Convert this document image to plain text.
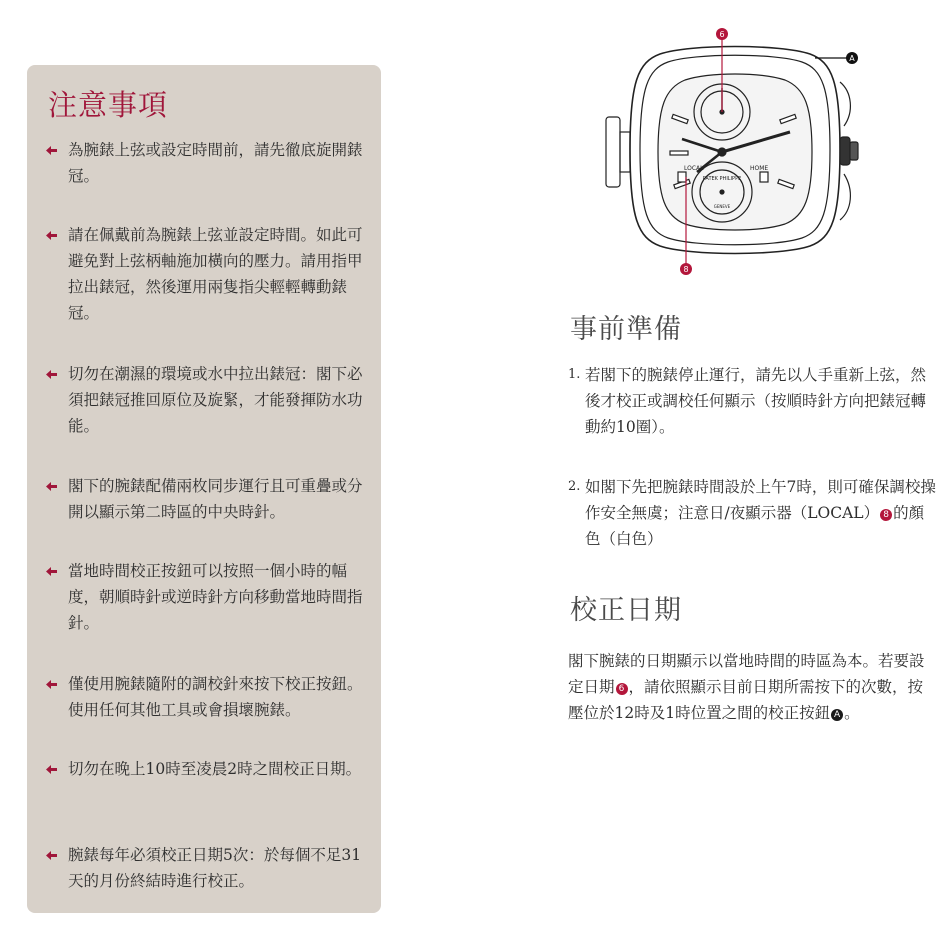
注意事項
為腕錶上弦或設定時間前，請先徹底旋開錶冠。
請在佩戴前為腕錶上弦並設定時間。如此可避免對上弦柄軸施加橫向的壓力。請用指甲拉出錶冠，然後運用兩隻指尖輕輕轉動錶冠。
切勿在潮濕的環境或水中拉出錶冠：閣下必須把錶冠推回原位及旋緊，才能發揮防水功能。
閣下的腕錶配備兩枚同步運行且可重疊或分開以顯示第二時區的中央時針。
當地時間校正按鈕可以按照一個小時的幅度，朝順時針或逆時針方向移動當地時間指針。
僅使用腕錶隨附的調校針來按下校正按鈕。使用任何其他工具或會損壞腕錶。
切勿在晚上10時至凌晨2時之間校正日期。
腕錶每年必須校正日期5次：於每個不足31天的月份終結時進行校正。
6
8
A
LOCAL	HOME
PATEK PHILIPPE
GENEVE
事前準備
1. 若閣下的腕錶停止運行，請先以人手重新上弦，然後才校正或調校任何顯示（按順時針方向把錶冠轉動約10圈）。
2. 如閣下先把腕錶時間設於上午7時，則可確保調校操作安全無虞；注意日/夜顯示器（LOCAL） 8 的顏色（白色）
校正日期

閣下腕錶的日期顯示以當地時間的時區為本。若要設定日期 6 ，請依照顯示目前日期所需按下的次數，按壓位於12時及1時位置之間的校正按鈕 A 。
